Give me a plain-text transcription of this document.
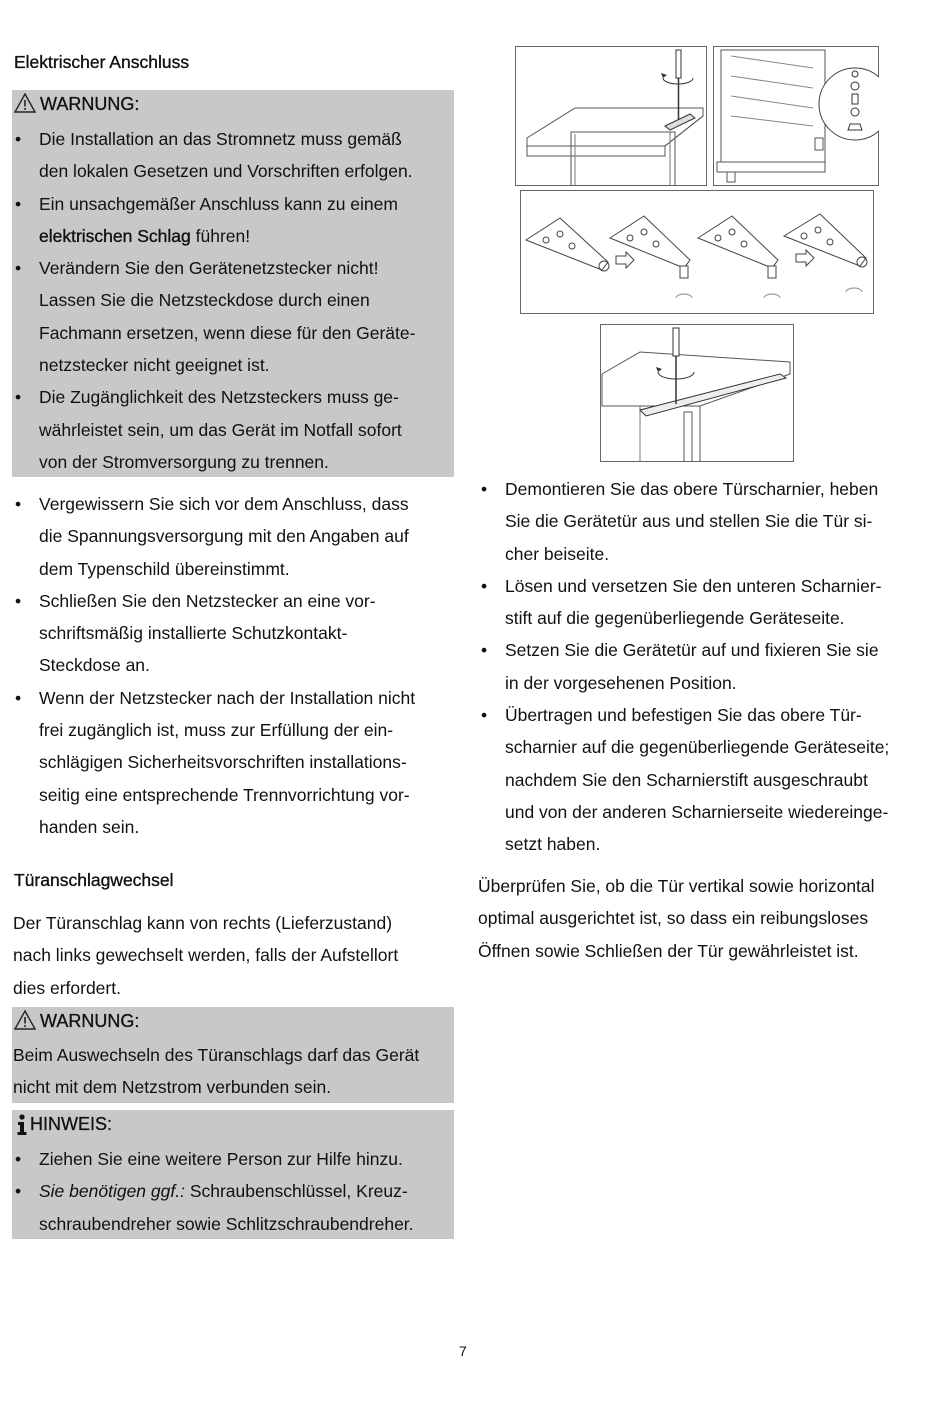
Elektrischer Anschluss
WARNUNG:
• Die Installation an das Stromnetz muss gemäß
den lokalen Gesetzen und Vorschriften erfolgen.
• Ein unsachgemäßer Anschluss kann zu einem
elektrischen Schlag führen!
• Verändern Sie den Gerätenetzstecker nicht!
Lassen Sie die Netzsteckdose durch einen
Fachmann ersetzen, wenn diese für den Geräte-
netzstecker nicht geeignet ist.
• Die Zugänglichkeit des Netzsteckers muss ge-
währleistet sein, um das Gerät im Notfall sofort
von der Stromversorgung zu trennen.
• Vergewissern Sie sich vor dem Anschluss, dass
die Spannungsversorgung mit den Angaben auf
dem Typenschild übereinstimmt.
• Schließen Sie den Netzstecker an eine vor-
schriftsmäßig installierte Schutzkontakt-
Steckdose an.
• Wenn der Netzstecker nach der Installation nicht
frei zugänglich ist, muss zur Erfüllung der ein-
schlägigen Sicherheitsvorschriften installations-
seitig eine entsprechende Trennvorrichtung vor-
handen sein.
Türanschlagwechsel
Der Türanschlag kann von rechts (Lieferzustand)
nach links gewechselt werden, falls der Aufstellort
dies erfordert.
WARNUNG:
Beim Auswechseln des Türanschlags darf das Gerät
nicht mit dem Netzstrom verbunden sein.
HINWEIS:
• Ziehen Sie eine weitere Person zur Hilfe hinzu.
• Sie benötigen ggf.: Schraubenschlüssel, Kreuz-
schraubendreher sowie Schlitzschraubendreher.
• Demontieren Sie das obere Türscharnier, heben
Sie die Gerätetür aus und stellen Sie die Tür si-
cher beiseite.
• Lösen und versetzen Sie den unteren Scharnier-
stift auf die gegenüberliegende Geräteseite.
• Setzen Sie die Gerätetür auf und fixieren Sie sie
in der vorgesehenen Position.
• Übertragen und befestigen Sie das obere Tür-
scharnier auf die gegenüberliegende Geräteseite;
nachdem Sie den Scharnierstift ausgeschraubt
und von der anderen Scharnierseite wiedereinge-
setzt haben.
Überprüfen Sie, ob die Tür vertikal sowie horizontal
optimal ausgerichtet ist, so dass ein reibungsloses
Öffnen sowie Schließen der Tür gewährleistet ist.
7
